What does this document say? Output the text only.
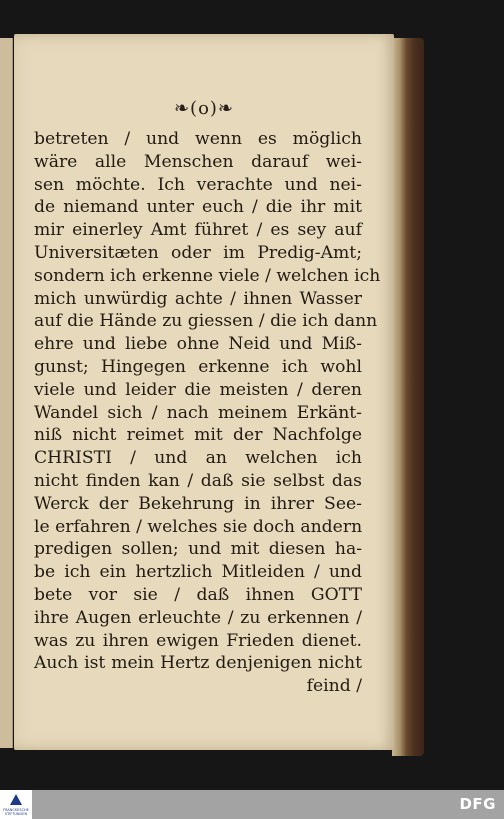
❧(o)❧
betreten / und wenn es möglich
wäre alle Menschen darauf wei-
sen möchte. Ich verachte und nei-
de niemand unter euch / die ihr mit
mir einerley Amt führet / es sey auf
Universitæten oder im Predig-Amt;
sondern ich erkenne viele / welchen ich
mich unwürdig achte / ihnen Wasser
auf die Hände zu giessen / die ich dann
ehre und liebe ohne Neid und Miß-
gunst; Hingegen erkenne ich wohl
viele und leider die meisten / deren
Wandel sich / nach meinem Erkänt-
niß nicht reimet mit der Nachfolge
CHRISTI / und an welchen ich
nicht finden kan / daß sie selbst das
Werck der Bekehrung in ihrer See-
le erfahren / welches sie doch andern
predigen sollen; und mit diesen ha-
be ich ein hertzlich Mitleiden / und
bete vor sie / daß ihnen GOTT
ihre Augen erleuchte / zu erkennen /
was zu ihren ewigen Frieden dienet.
Auch ist mein Hertz denjenigen nicht
feind /
FRANCKESCHE STIFTUNGEN
DFG
